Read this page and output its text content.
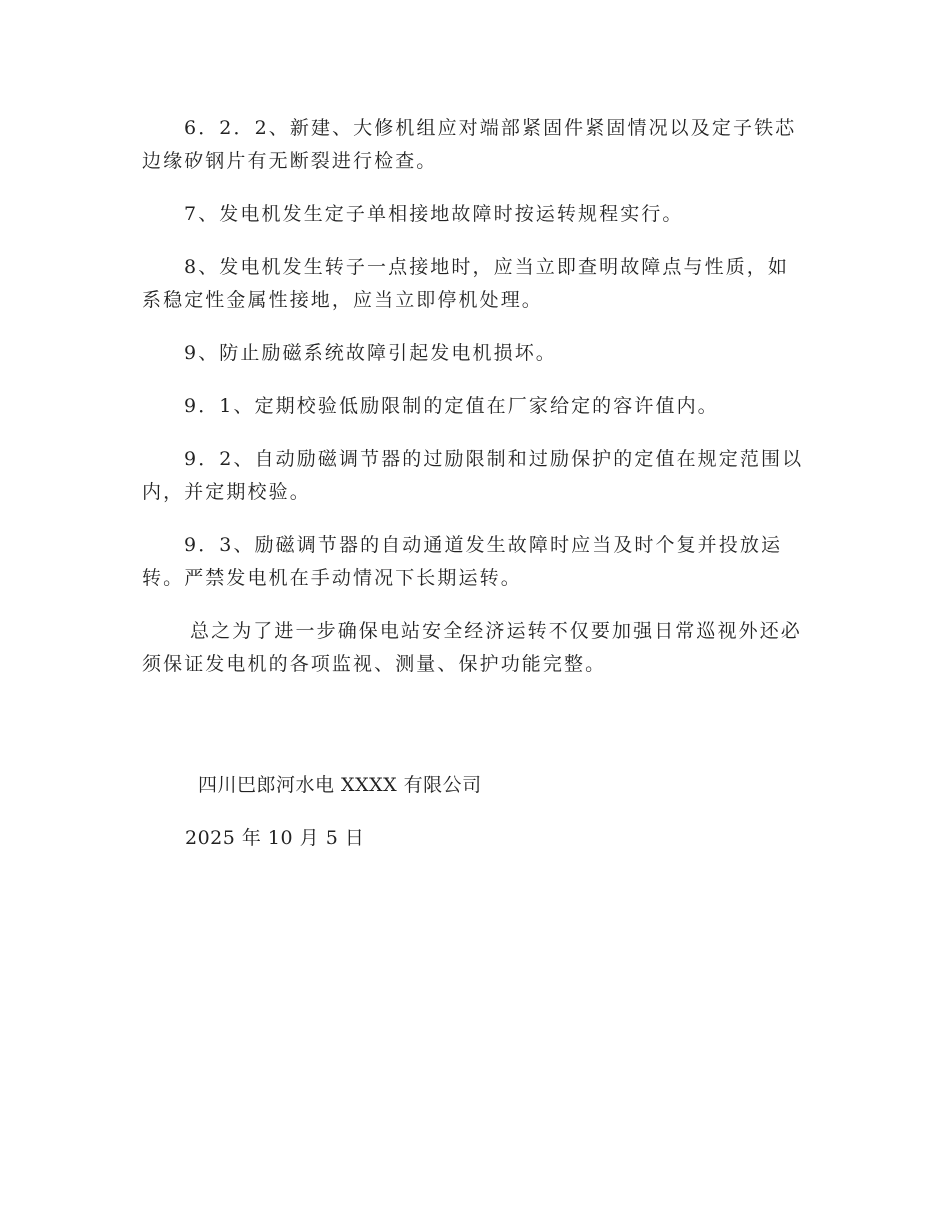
6．2．2、新建、大修机组应对端部紧固件紧固情况以及定子铁芯边缘矽钢片有无断裂进行检查。

7、发电机发生定子单相接地故障时按运转规程实行。

8、发电机发生转子一点接地时，应当立即查明故障点与性质，如系稳定性金属性接地，应当立即停机处理。

9、防止励磁系统故障引起发电机损坏。

9．1、定期校验低励限制的定值在厂家给定的容许值内。

9．2、自动励磁调节器的过励限制和过励保护的定值在规定范围以内，并定期校验。

9．3、励磁调节器的自动通道发生故障时应当及时个复并投放运转。严禁发电机在手动情况下长期运转。

总之为了进一步确保电站安全经济运转不仅要加强日常巡视外还必须保证发电机的各项监视、测量、保护功能完整。

四川巴郎河水电 XXXX 有限公司
2025 年 10 月 5 日
